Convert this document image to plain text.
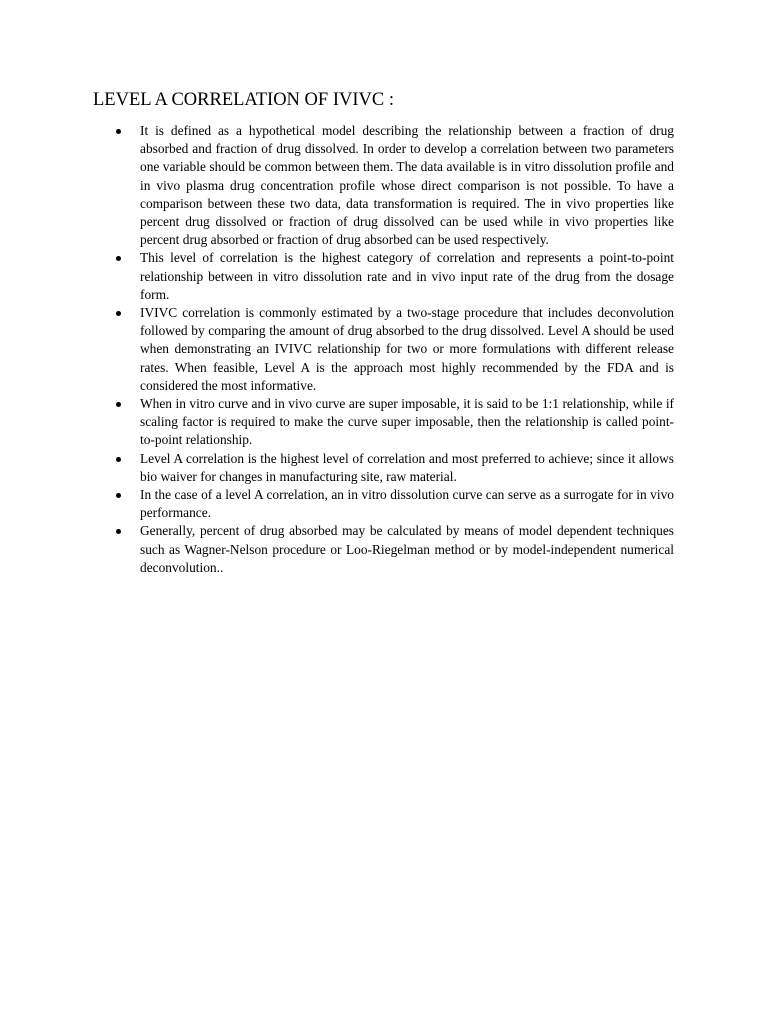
LEVEL A CORRELATION OF IVIVC :
It is defined as a hypothetical model describing the relationship between a fraction of drug absorbed and fraction of drug dissolved. In order to develop a correlation between two parameters one variable should be common between them. The data available is in vitro dissolution profile and in vivo plasma drug concentration profile whose direct comparison is not possible. To have a comparison between these two data, data transformation is required. The in vivo properties like percent drug dissolved or fraction of drug dissolved can be used while in vivo properties like percent drug absorbed or fraction of drug absorbed can be used respectively.
This level of correlation is the highest category of correlation and represents a point-to-point relationship between in vitro dissolution rate and in vivo input rate of the drug from the dosage form.
IVIVC correlation is commonly estimated by a two-stage procedure that includes deconvolution followed by comparing the amount of drug absorbed to the drug dissolved. Level A should be used when demonstrating an IVIVC relationship for two or more formulations with different release rates. When feasible, Level A is the approach most highly recommended by the FDA and is considered the most informative.
When in vitro curve and in vivo curve are super imposable, it is said to be 1:1 relationship, while if scaling factor is required to make the curve super imposable, then the relationship is called point-to-point relationship.
Level A correlation is the highest level of correlation and most preferred to achieve; since it allows bio waiver for changes in manufacturing site, raw material.
In the case of a level A correlation, an in vitro dissolution curve can serve as a surrogate for in vivo performance.
Generally, percent of drug absorbed may be calculated by means of model dependent techniques such as Wagner-Nelson procedure or Loo-Riegelman method or by model-independent numerical deconvolution..
